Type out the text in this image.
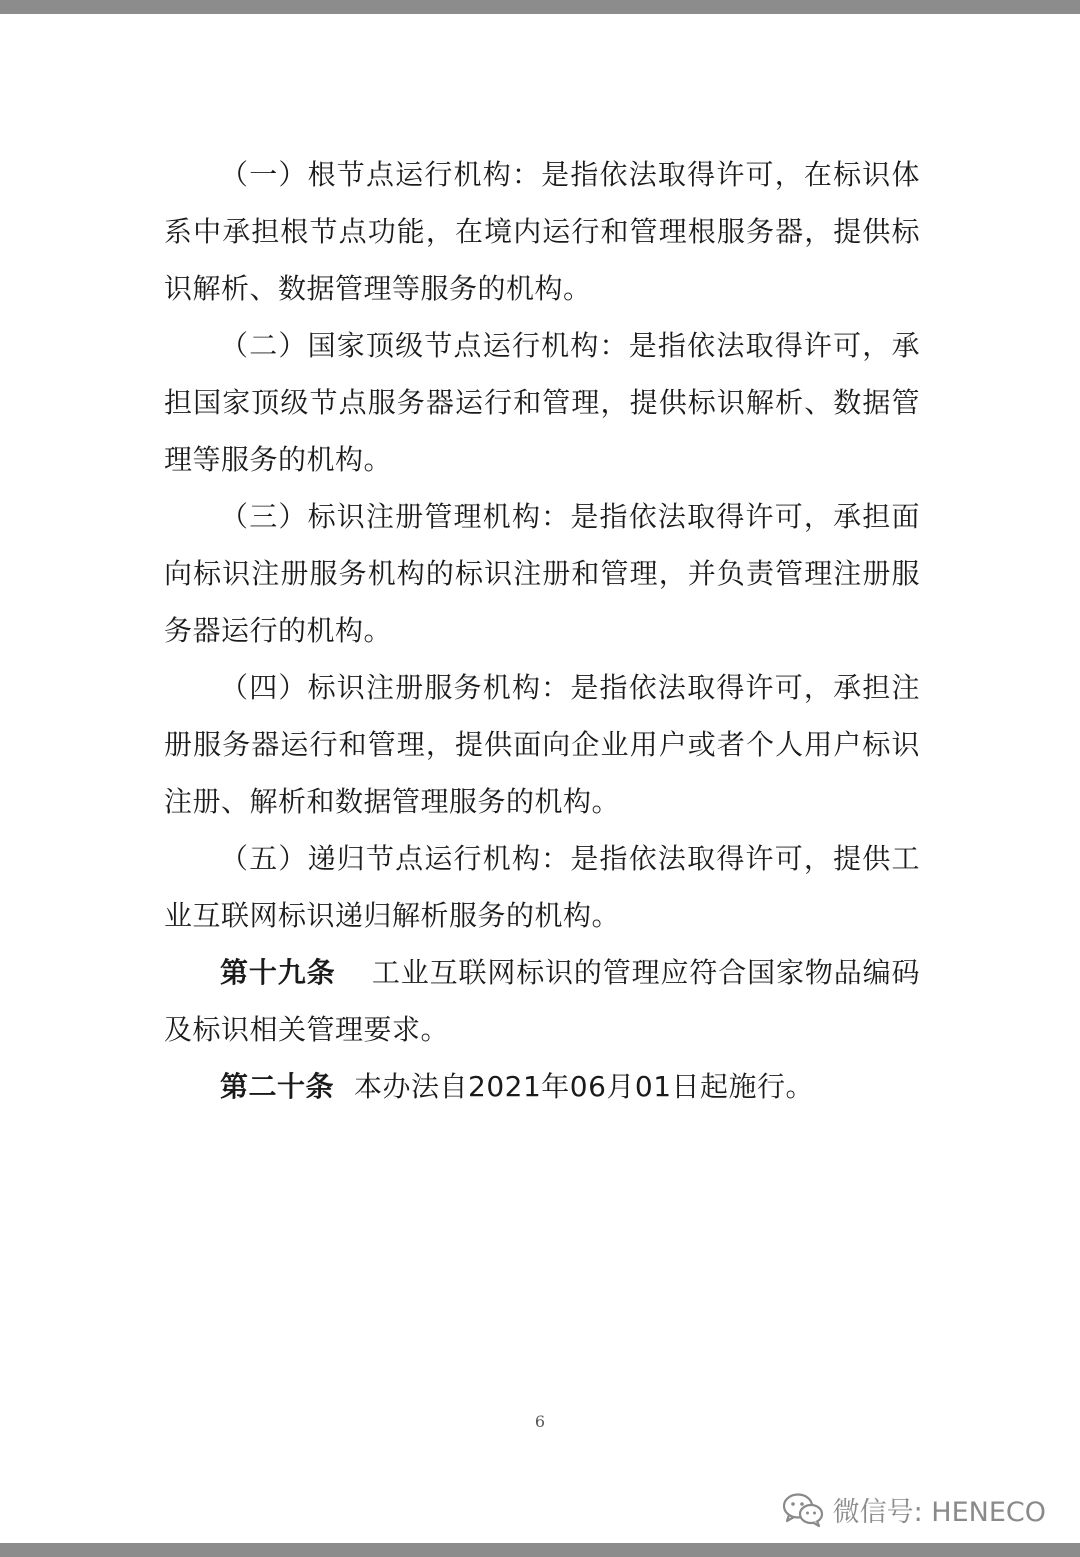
（一）根节点运行机构：是指依法取得许可，在标识体系中承担根节点功能，在境内运行和管理根服务器，提供标识解析、数据管理等服务的机构。

（二）国家顶级节点运行机构：是指依法取得许可，承担国家顶级节点服务器运行和管理，提供标识解析、数据管理等服务的机构。

（三）标识注册管理机构：是指依法取得许可，承担面向标识注册服务机构的标识注册和管理，并负责管理注册服务器运行的机构。

（四）标识注册服务机构：是指依法取得许可，承担注册服务器运行和管理，提供面向企业用户或者个人用户标识注册、解析和数据管理服务的机构。

（五）递归节点运行机构：是指依法取得许可，提供工业互联网标识递归解析服务的机构。

第十九条 工业互联网标识的管理应符合国家物品编码及标识相关管理要求。

第二十条 本办法自2021年06月01日起施行。

6
微信号: HENECO
